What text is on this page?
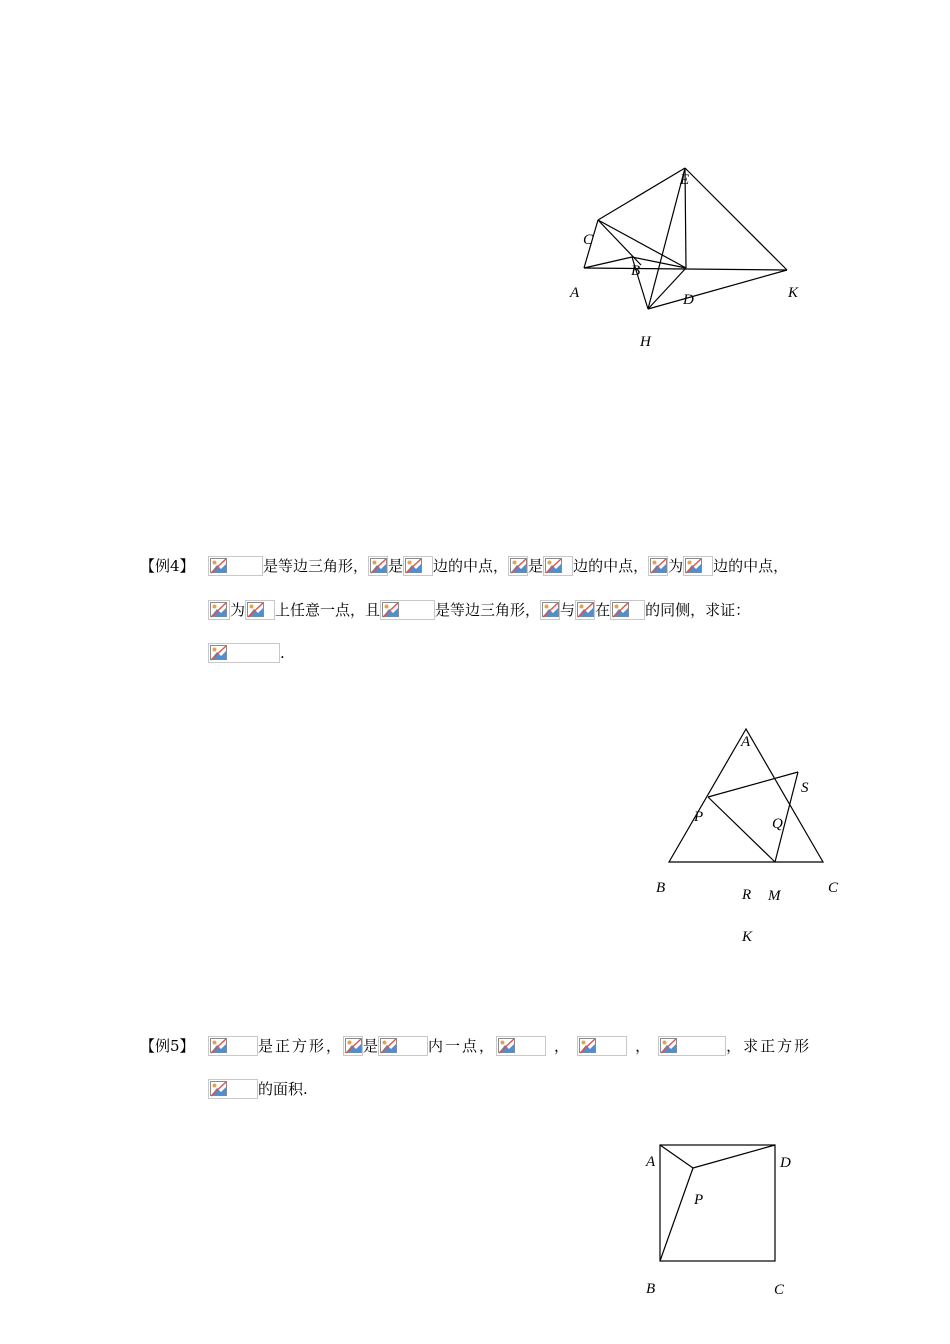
E
C
B
A	D	K
H
【例4】	是等边三角形， 是 边的中点， 是 边的中点， 为 边的中点，
为 上任意一点，且	是等边三角形， 与 在 的同侧，求证：
.
A
S
P	Q
B	R M	C
K
【例5】	是正方形， 是	内一点，	，	，	，求正方形
的面积.
A	D
P
B	C
